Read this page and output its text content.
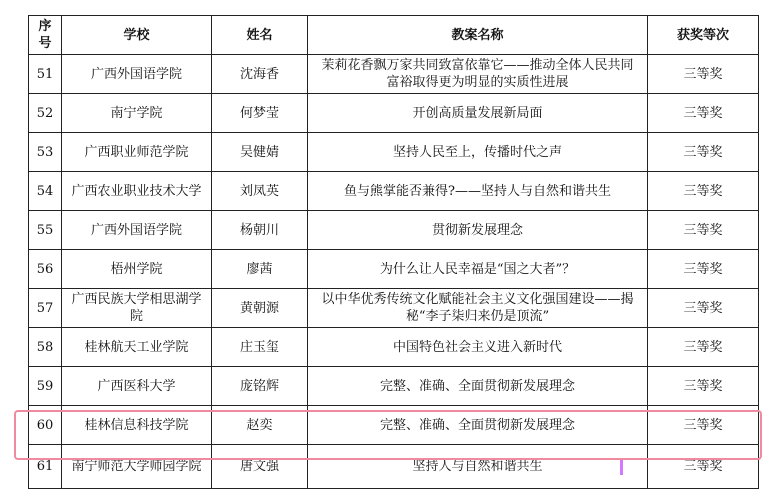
序号	学校	姓名	教案名称	获奖等次
51	广西外国语学院	沈海香	茉莉花香飘万家共同致富依靠它——推动全体人民共同富裕取得更为明显的实质性进展	三等奖
52	南宁学院	何梦莹	开创高质量发展新局面	三等奖
53	广西职业师范学院	吴健婧	坚持人民至上，传播时代之声	三等奖
54	广西农业职业技术大学	刘凤英	鱼与熊掌能否兼得?——坚持人与自然和谐共生	三等奖
55	广西外国语学院	杨朝川	贯彻新发展理念	三等奖
56	梧州学院	廖茜	为什么让人民幸福是“国之大者”？	三等奖
57	广西民族大学相思湖学院	黄朝源	以中华优秀传统文化赋能社会主义文化强国建设——揭秘“李子柒归来仍是顶流”	三等奖
58	桂林航天工业学院	庄玉玺	中国特色社会主义进入新时代	三等奖
59	广西医科大学	庞铭辉	完整、准确、全面贯彻新发展理念	三等奖
60	桂林信息科技学院	赵奕	完整、准确、全面贯彻新发展理念	三等奖
61	南宁师范大学师园学院	唐文强	坚持人与自然和谐共生	三等奖
